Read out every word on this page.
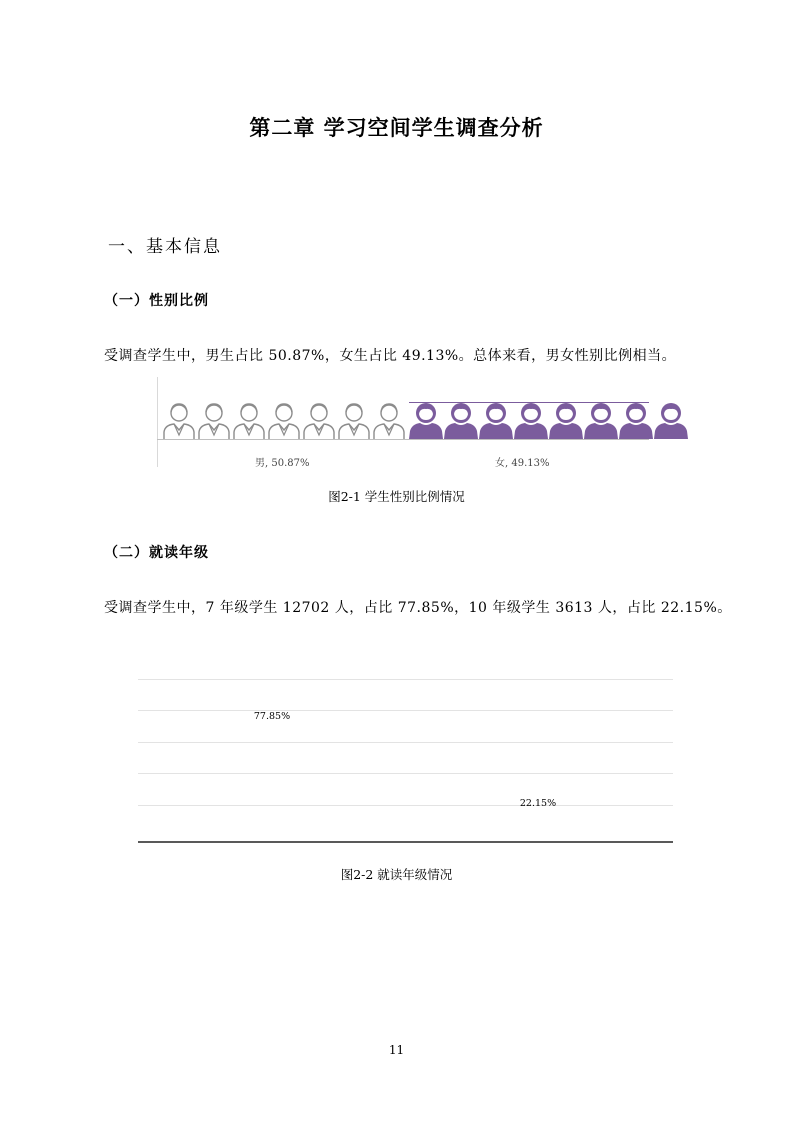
第二章 学习空间学生调查分析
一、基本信息
（一）性别比例
受调查学生中，男生占比 50.87%，女生占比 49.13%。总体来看，男女性别比例相当。
男, 50.87%	女, 49.13%
图2-1 学生性别比例情况
（二）就读年级
受调查学生中，7 年级学生 12702 人，占比 77.85%，10 年级学生 3613 人，占比 22.15%。
77.85%
22.15%
图2-2 就读年级情况
11
